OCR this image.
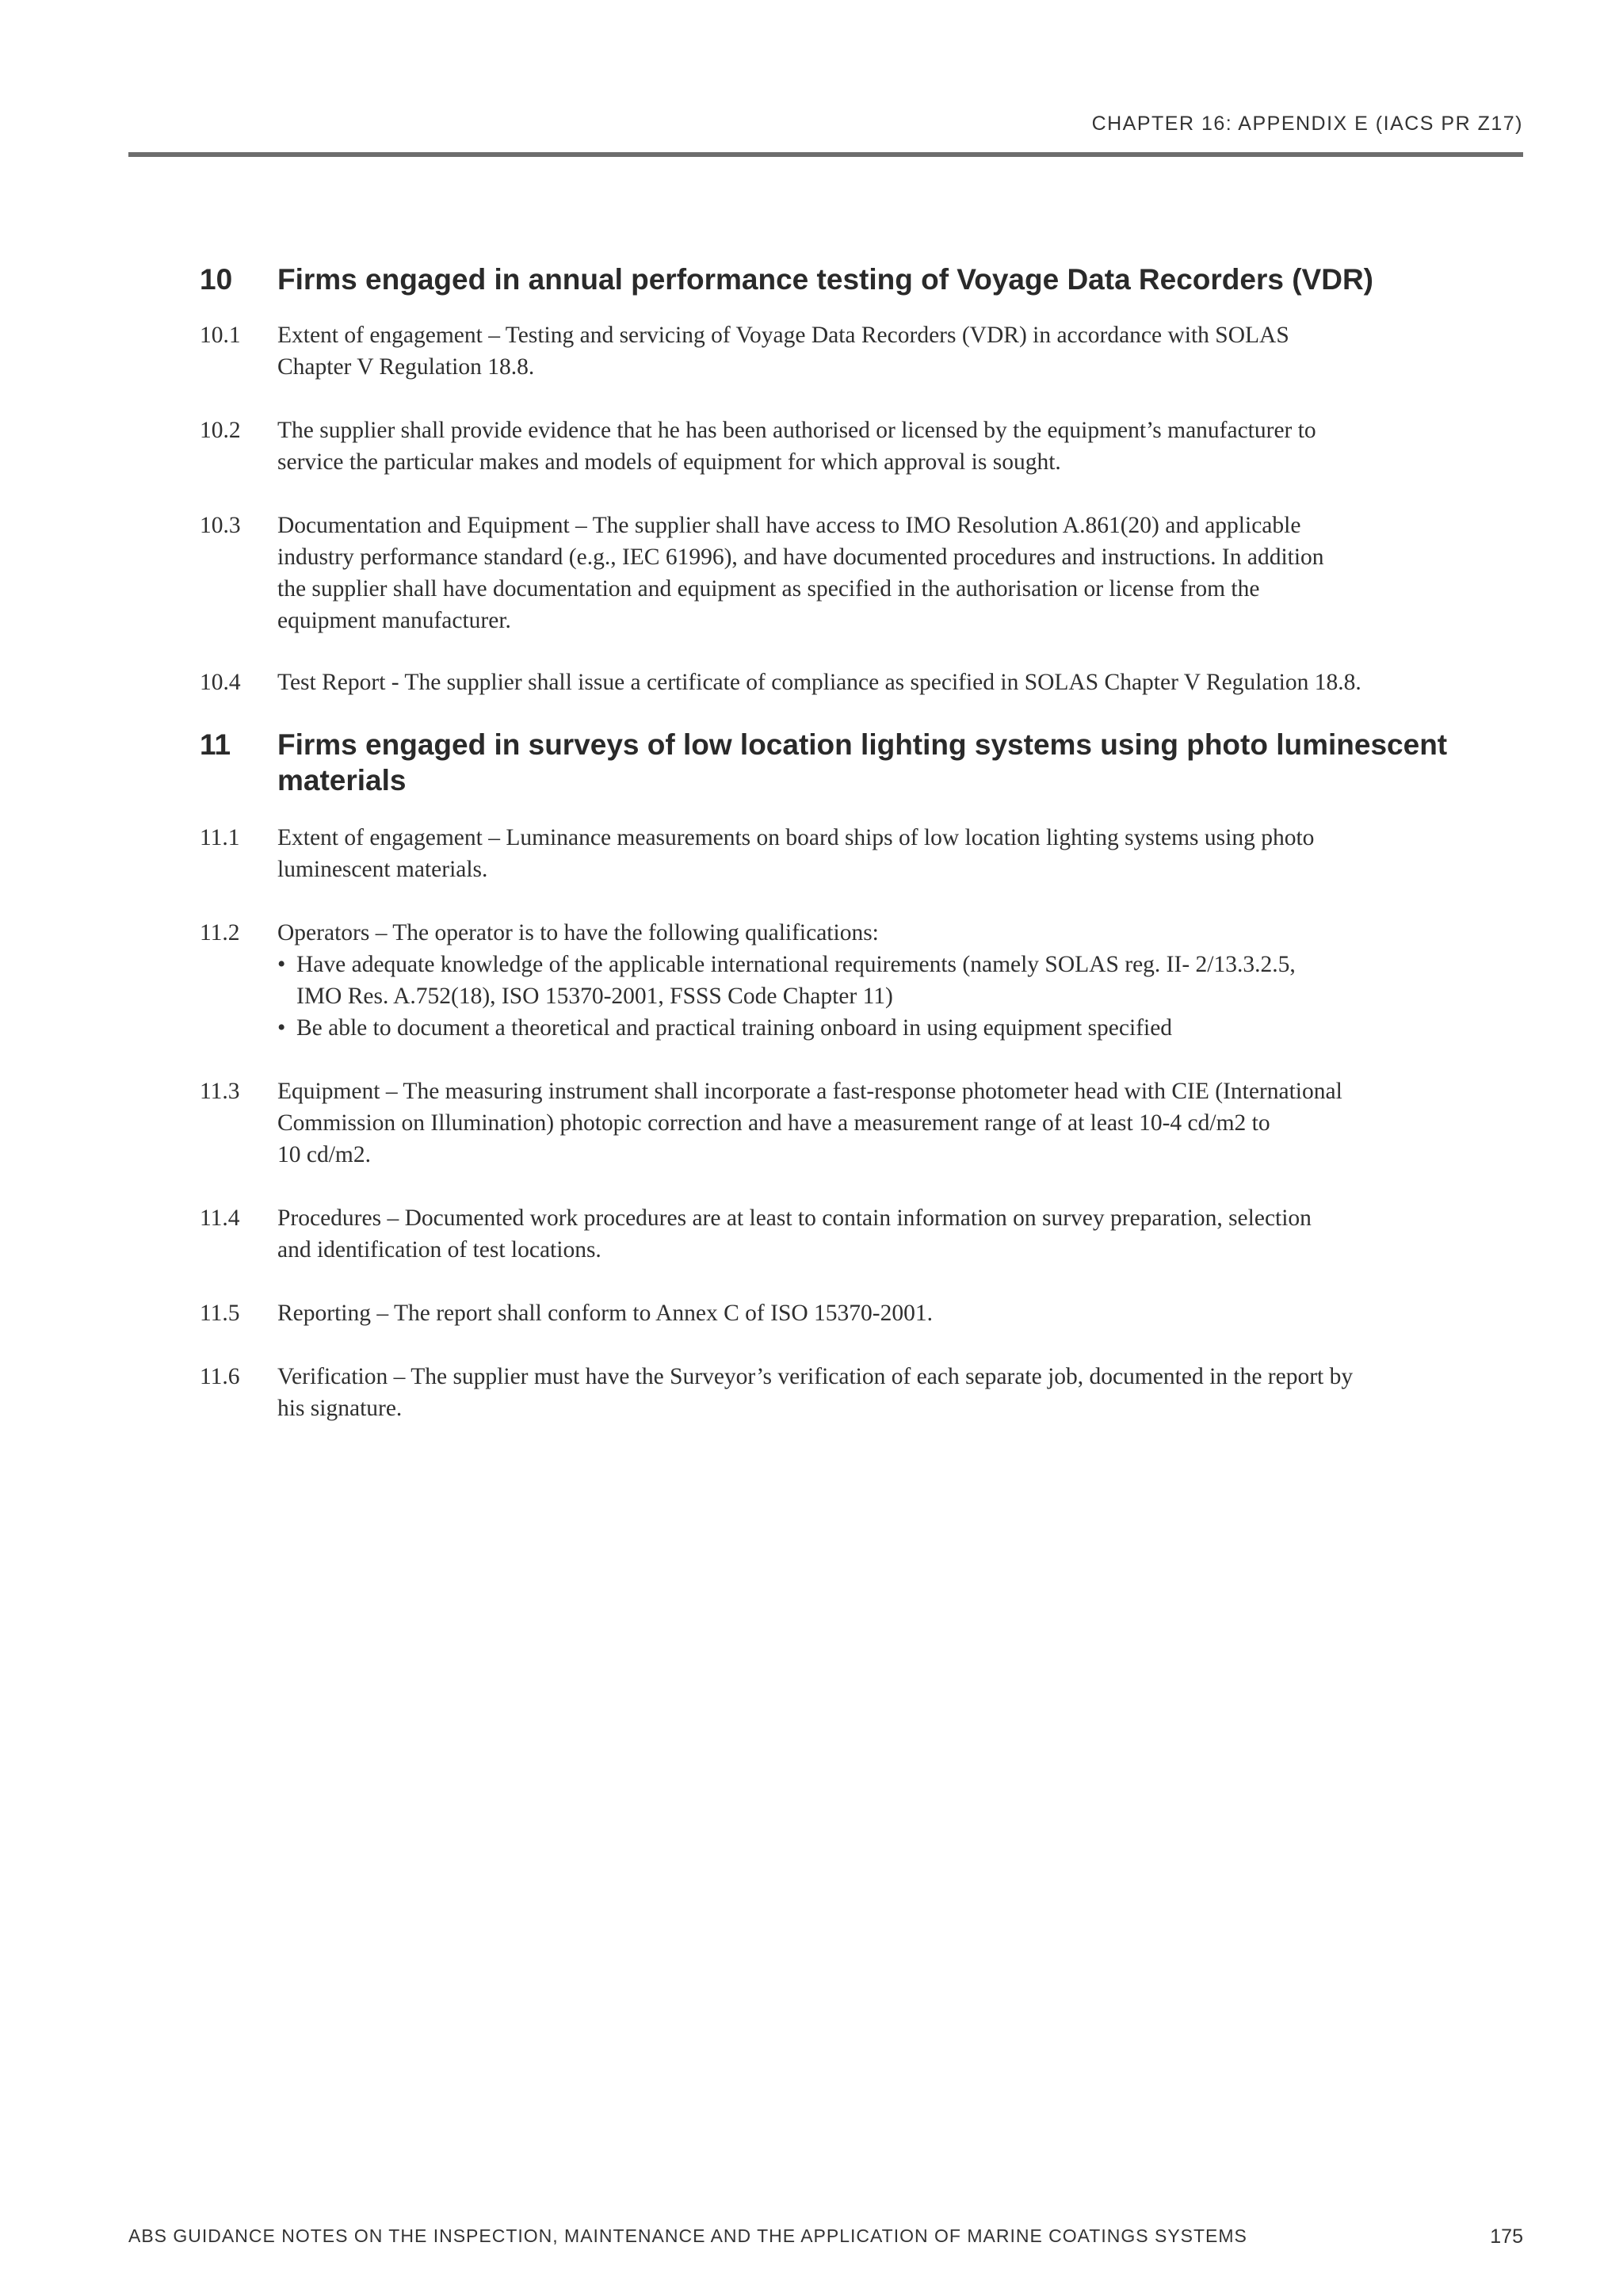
CHAPTER 16: APPENDIX E (IACS PR Z17)
10 Firms engaged in annual performance testing of Voyage Data Recorders (VDR)
10.1 Extent of engagement – Testing and servicing of Voyage Data Recorders (VDR) in accordance with SOLAS
Chapter V Regulation 18.8.
10.2 The supplier shall provide evidence that he has been authorised or licensed by the equipment’s manufacturer to
service the particular makes and models of equipment for which approval is sought.
10.3 Documentation and Equipment – The supplier shall have access to IMO Resolution A.861(20) and applicable
industry performance standard (e.g., IEC 61996), and have documented procedures and instructions. In addition
the supplier shall have documentation and equipment as specified in the authorisation or license from the
equipment manufacturer.
10.4 Test Report - The supplier shall issue a certificate of compliance as specified in SOLAS Chapter V Regulation 18.8.
11 Firms engaged in surveys of low location lighting systems using photo luminescent
materials
11.1 Extent of engagement – Luminance measurements on board ships of low location lighting systems using photo
luminescent materials.
11.2 Operators – The operator is to have the following qualifications:
• Have adequate knowledge of the applicable international requirements (namely SOLAS reg. II- 2/13.3.2.5,
IMO Res. A.752(18), ISO 15370-2001, FSSS Code Chapter 11)
• Be able to document a theoretical and practical training onboard in using equipment specified
11.3 Equipment – The measuring instrument shall incorporate a fast-response photometer head with CIE (International
Commission on Illumination) photopic correction and have a measurement range of at least 10-4 cd/m2 to
10 cd/m2.
11.4 Procedures – Documented work procedures are at least to contain information on survey preparation, selection
and identification of test locations.
11.5 Reporting – The report shall conform to Annex C of ISO 15370-2001.
11.6 Verification – The supplier must have the Surveyor’s verification of each separate job, documented in the report by
his signature.
ABS GUIDANCE NOTES ON THE INSPECTION, MAINTENANCE AND THE APPLICATION OF MARINE COATINGS SYSTEMS	175
